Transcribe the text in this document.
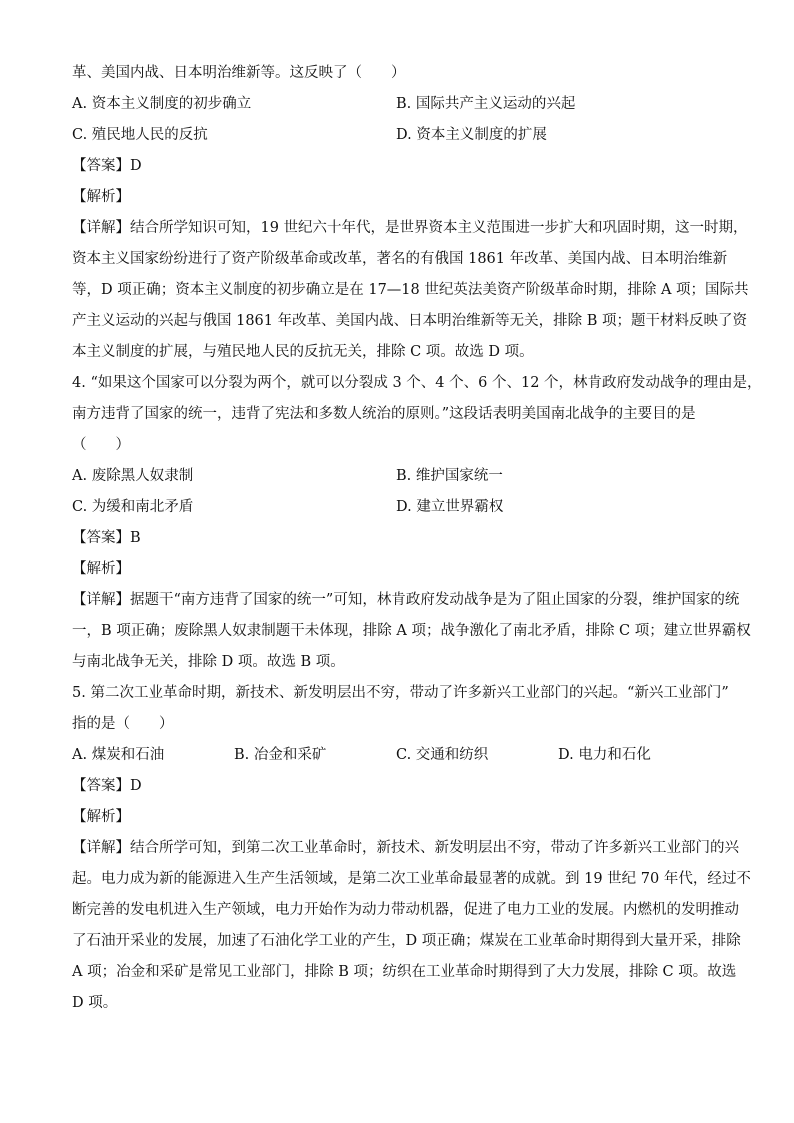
革、美国内战、日本明治维新等。这反映了（　　）
A. 资本主义制度的初步确立	B. 国际共产主义运动的兴起
C. 殖民地人民的反抗	D. 资本主义制度的扩展
【答案】D
【解析】
【详解】结合所学知识可知，19 世纪六十年代，是世界资本主义范围进一步扩大和巩固时期，这一时期，
资本主义国家纷纷进行了资产阶级革命或改革，著名的有俄国 1861 年改革、美国内战、日本明治维新
等，D 项正确；资本主义制度的初步确立是在 17—18 世纪英法美资产阶级革命时期，排除 A 项；国际共
产主义运动的兴起与俄国 1861 年改革、美国内战、日本明治维新等无关，排除 B 项；题干材料反映了资
本主义制度的扩展，与殖民地人民的反抗无关，排除 C 项。故选 D 项。
4. “如果这个国家可以分裂为两个，就可以分裂成 3 个、4 个、6 个、12 个，林肯政府发动战争的理由是，
南方违背了国家的统一，违背了宪法和多数人统治的原则。”这段话表明美国南北战争的主要目的是
（　　）
A. 废除黑人奴隶制	B. 维护国家统一
C. 为缓和南北矛盾	D. 建立世界霸权
【答案】B
【解析】
【详解】据题干“南方违背了国家的统一”可知，林肯政府发动战争是为了阻止国家的分裂，维护国家的统
一，B 项正确；废除黑人奴隶制题干未体现，排除 A 项；战争激化了南北矛盾，排除 C 项；建立世界霸权
与南北战争无关，排除 D 项。故选 B 项。
5. 第二次工业革命时期，新技术、新发明层出不穷，带动了许多新兴工业部门的兴起。“新兴工业部门”
指的是（　　）
A. 煤炭和石油	B. 冶金和采矿	C. 交通和纺织	D. 电力和石化
【答案】D
【解析】
【详解】结合所学可知，到第二次工业革命时，新技术、新发明层出不穷，带动了许多新兴工业部门的兴
起。电力成为新的能源进入生产生活领域，是第二次工业革命最显著的成就。到 19 世纪 70 年代，经过不
断完善的发电机进入生产领域，电力开始作为动力带动机器，促进了电力工业的发展。内燃机的发明推动
了石油开采业的发展，加速了石油化学工业的产生，D 项正确；煤炭在工业革命时期得到大量开采，排除
A 项；冶金和采矿是常见工业部门，排除 B 项；纺织在工业革命时期得到了大力发展，排除 C 项。故选
D 项。
